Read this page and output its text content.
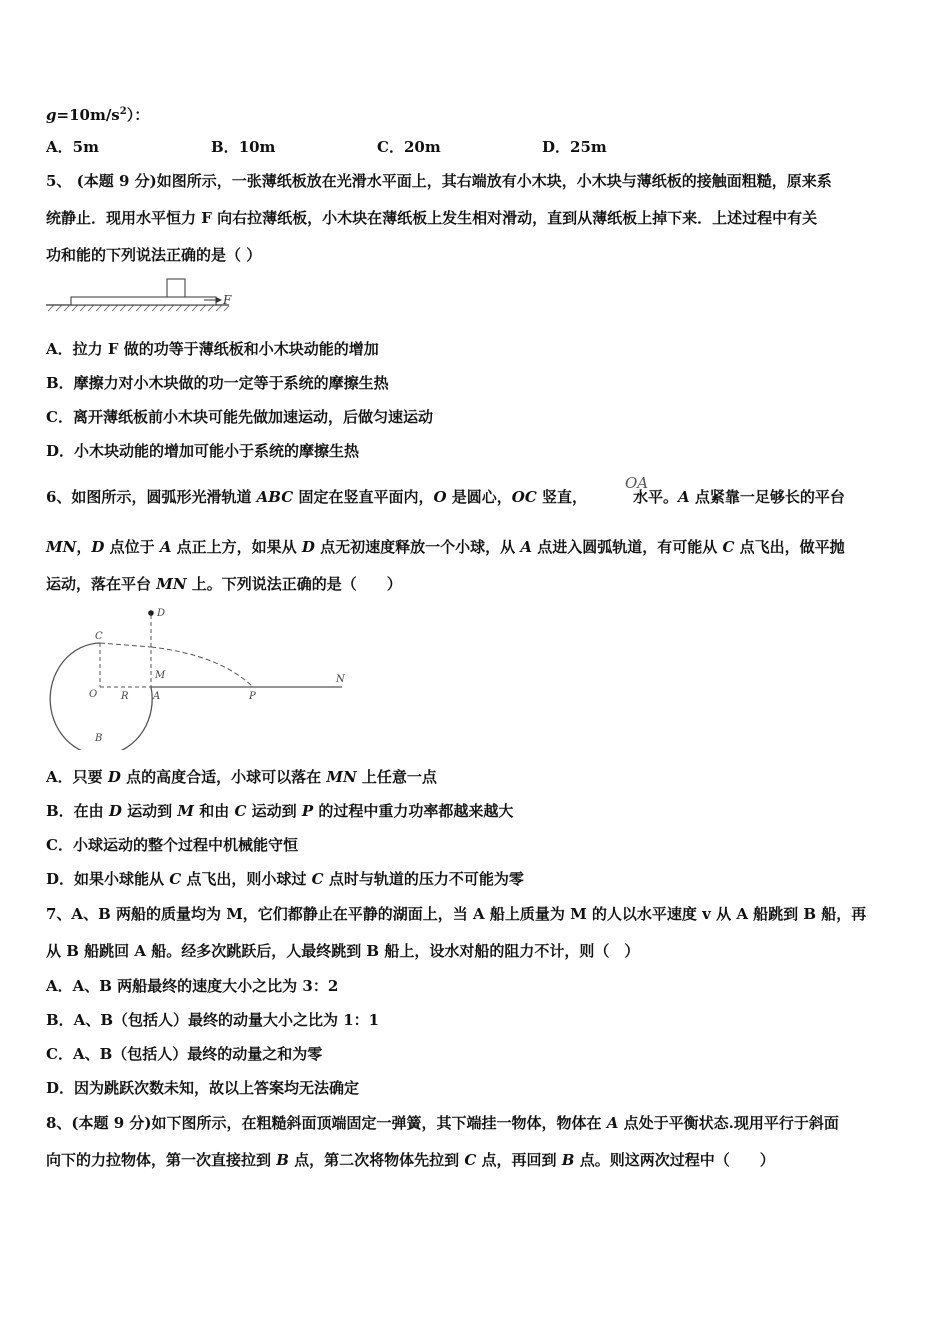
$g=10m/s^2$）：
A．5m	B．10m	C．20m	D．25m
5、 (本题 9 分)如图所示，一张薄纸板放在光滑水平面上，其右端放有小木块，小木块与薄纸板的接触面粗糙，原来系
统静止．现用水平恒力 F 向右拉薄纸板，小木块在薄纸板上发生相对滑动，直到从薄纸板上掉下来．上述过程中有关
功和能的下列说法正确的是（ ）
F
A．拉力 F 做的功等于薄纸板和小木块动能的增加
B．摩擦力对小木块做的功一定等于系统的摩擦生热
C．离开薄纸板前小木块可能先做加速运动，后做匀速运动
D．小木块动能的增加可能小于系统的摩擦生热
6、如图所示，圆弧形光滑轨道 ABC 固定在竖直平面内，O 是圆心，OC 竖直，	水平。A 点紧靠一足够长的平台
OA
MN，D 点位于 A 点正上方，如果从 D 点无初速度释放一个小球，从 A 点进入圆弧轨道，有可能从 C 点飞出，做平抛
运动，落在平台 MN 上。下列说法正确的是（　　）
D
C
M	N
O R A	P
B
A．只要 D 点的高度合适，小球可以落在 MN 上任意一点
B．在由 D 运动到 M 和由 C 运动到 P 的过程中重力功率都越来越大
C．小球运动的整个过程中机械能守恒
D．如果小球能从 C 点飞出，则小球过 C 点时与轨道的压力不可能为零
7、A、B 两船的质量均为 M，它们都静止在平静的湖面上，当 A 船上质量为 M 的人以水平速度 v 从 A 船跳到 B 船，再
从 B 船跳回 A 船。经多次跳跃后，人最终跳到 B 船上，设水对船的阻力不计，则（　）
A．A、B 两船最终的速度大小之比为 3：2
B．A、B（包括人）最终的动量大小之比为 1：1
C．A、B（包括人）最终的动量之和为零
D．因为跳跃次数未知，故以上答案均无法确定
8、(本题 9 分)如下图所示，在粗糙斜面顶端固定一弹簧，其下端挂一物体，物体在 A 点处于平衡状态.现用平行于斜面
向下的力拉物体，第一次直接拉到 B 点，第二次将物体先拉到 C 点，再回到 B 点。则这两次过程中（　　）
